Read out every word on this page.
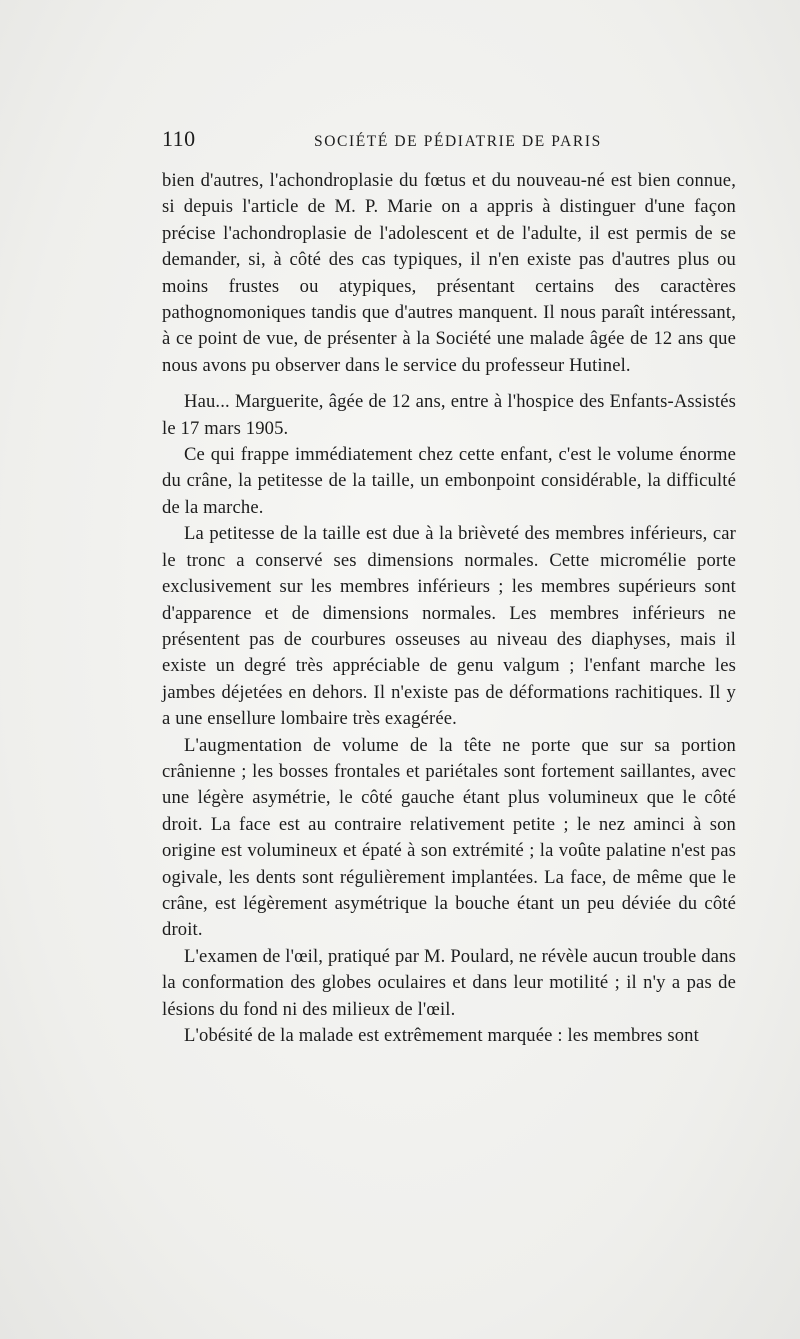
110	SOCIÉTÉ DE PÉDIATRIE DE PARIS

bien d'autres, l'achondroplasie du fœtus et du nouveau-né est bien connue, si depuis l'article de M. P. Marie on a appris à distinguer d'une façon précise l'achondroplasie de l'adolescent et de l'adulte, il est permis de se demander, si, à côté des cas typiques, il n'en existe pas d'autres plus ou moins frustes ou atypiques, présentant certains des caractères pathognomoniques tandis que d'autres manquent. Il nous paraît intéressant, à ce point de vue, de présenter à la Société une malade âgée de 12 ans que nous avons pu observer dans le service du professeur Hutinel.

Hau... Marguerite, âgée de 12 ans, entre à l'hospice des Enfants-Assistés le 17 mars 1905.

Ce qui frappe immédiatement chez cette enfant, c'est le volume énorme du crâne, la petitesse de la taille, un embonpoint considérable, la difficulté de la marche.

La petitesse de la taille est due à la brièveté des membres inférieurs, car le tronc a conservé ses dimensions normales. Cette micromélie porte exclusivement sur les membres inférieurs ; les membres supérieurs sont d'apparence et de dimensions normales. Les membres inférieurs ne présentent pas de courbures osseuses au niveau des diaphyses, mais il existe un degré très appréciable de genu valgum ; l'enfant marche les jambes déjetées en dehors. Il n'existe pas de déformations rachitiques. Il y a une ensellure lombaire très exagérée.

L'augmentation de volume de la tête ne porte que sur sa portion crânienne ; les bosses frontales et pariétales sont fortement saillantes, avec une légère asymétrie, le côté gauche étant plus volumineux que le côté droit. La face est au contraire relativement petite ; le nez aminci à son origine est volumineux et épaté à son extrémité ; la voûte palatine n'est pas ogivale, les dents sont régulièrement implantées. La face, de même que le crâne, est légèrement asymétrique la bouche étant un peu déviée du côté droit.

L'examen de l'œil, pratiqué par M. Poulard, ne révèle aucun trouble dans la conformation des globes oculaires et dans leur motilité ; il n'y a pas de lésions du fond ni des milieux de l'œil.

L'obésité de la malade est extrêmement marquée : les membres sont
